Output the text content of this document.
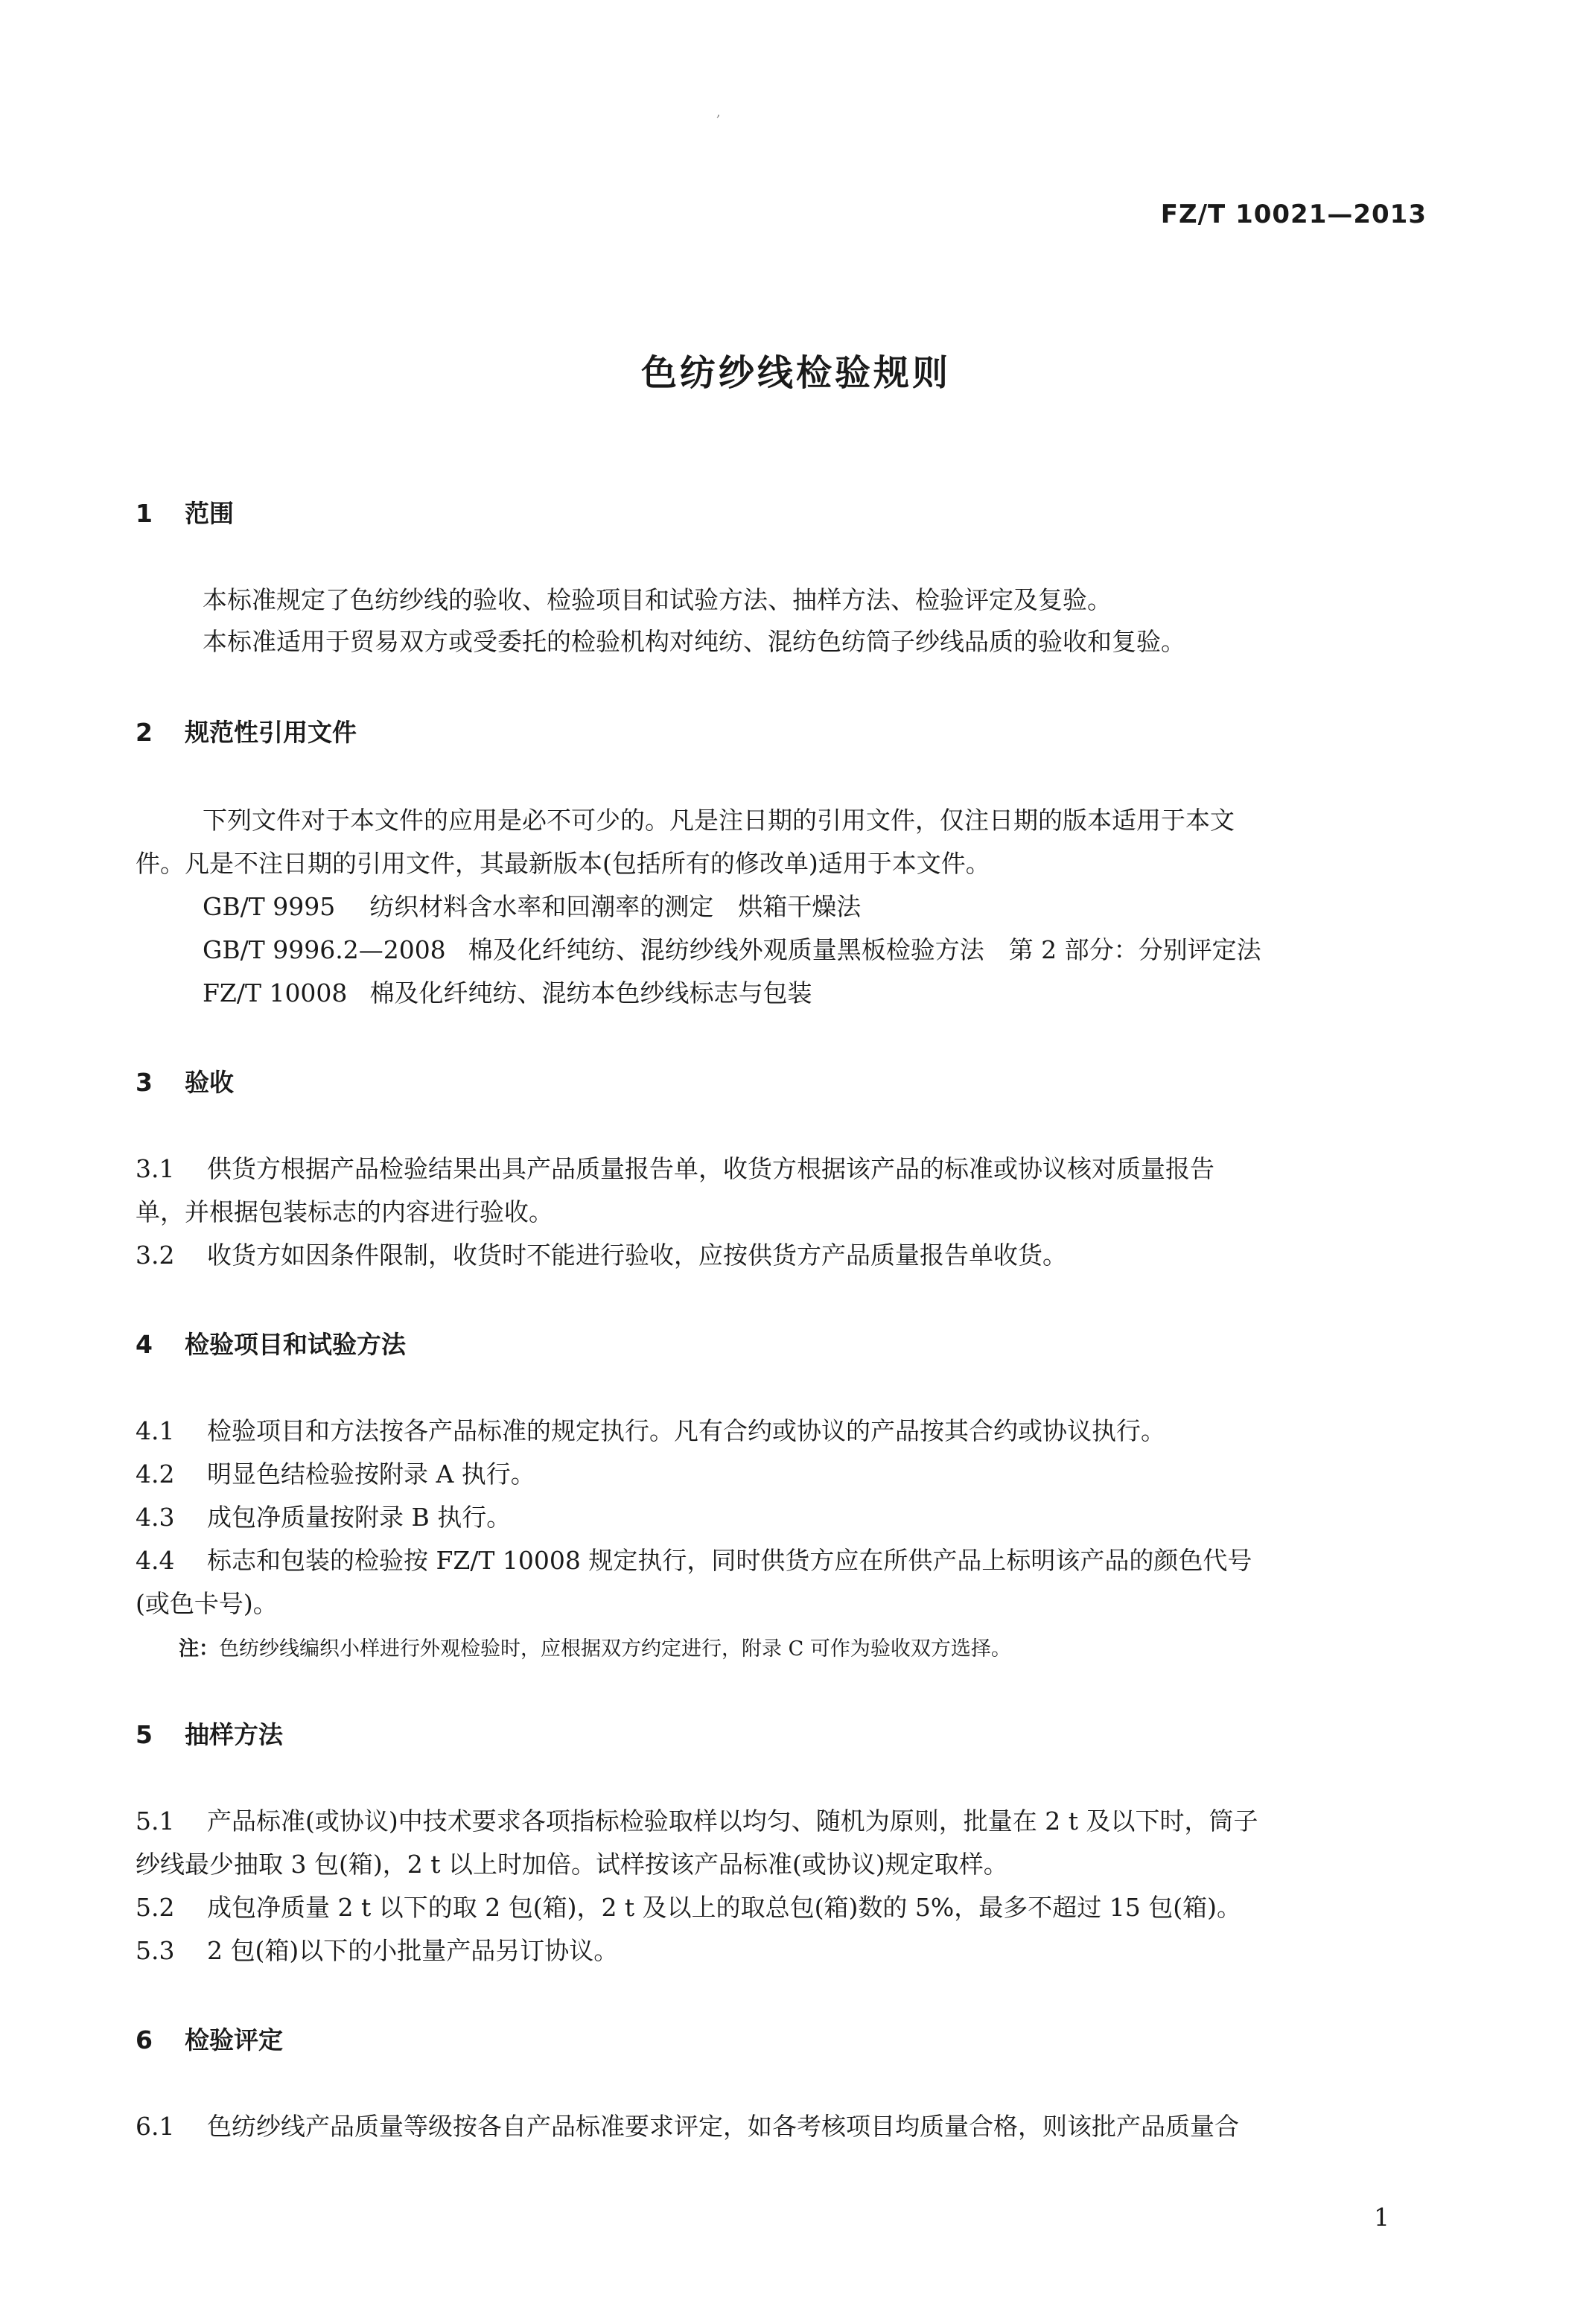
,
FZ/T 10021—2013
色纺纱线检验规则
1 范围
本标准规定了色纺纱线的验收、检验项目和试验方法、抽样方法、检验评定及复验。
本标准适用于贸易双方或受委托的检验机构对纯纺、混纺色纺筒子纱线品质的验收和复验。
2 规范性引用文件
下列文件对于本文件的应用是必不可少的。凡是注日期的引用文件，仅注日期的版本适用于本文
件。凡是不注日期的引用文件，其最新版本(包括所有的修改单)适用于本文件。
GB/T 9995 纺织材料含水率和回潮率的测定　烘箱干燥法
GB/T 9996.2—2008 棉及化纤纯纺、混纺纱线外观质量黑板检验方法　第 2 部分：分别评定法
FZ/T 10008 棉及化纤纯纺、混纺本色纱线标志与包装
3 验收
3.1 供货方根据产品检验结果出具产品质量报告单，收货方根据该产品的标准或协议核对质量报告
单，并根据包装标志的内容进行验收。
3.2 收货方如因条件限制，收货时不能进行验收，应按供货方产品质量报告单收货。
4 检验项目和试验方法
4.1 检验项目和方法按各产品标准的规定执行。凡有合约或协议的产品按其合约或协议执行。
4.2 明显色结检验按附录 A 执行。
4.3 成包净质量按附录 B 执行。
4.4 标志和包装的检验按 FZ/T 10008 规定执行，同时供货方应在所供产品上标明该产品的颜色代号
(或色卡号)。
注：色纺纱线编织小样进行外观检验时，应根据双方约定进行，附录 C 可作为验收双方选择。
5 抽样方法
5.1 产品标准(或协议)中技术要求各项指标检验取样以均匀、随机为原则，批量在 2 t 及以下时，筒子
纱线最少抽取 3 包(箱)，2 t 以上时加倍。试样按该产品标准(或协议)规定取样。
5.2 成包净质量 2 t 以下的取 2 包(箱)，2 t 及以上的取总包(箱)数的 5%，最多不超过 15 包(箱)。
5.3 2 包(箱)以下的小批量产品另订协议。
6 检验评定
6.1 色纺纱线产品质量等级按各自产品标准要求评定，如各考核项目均质量合格，则该批产品质量合
1
